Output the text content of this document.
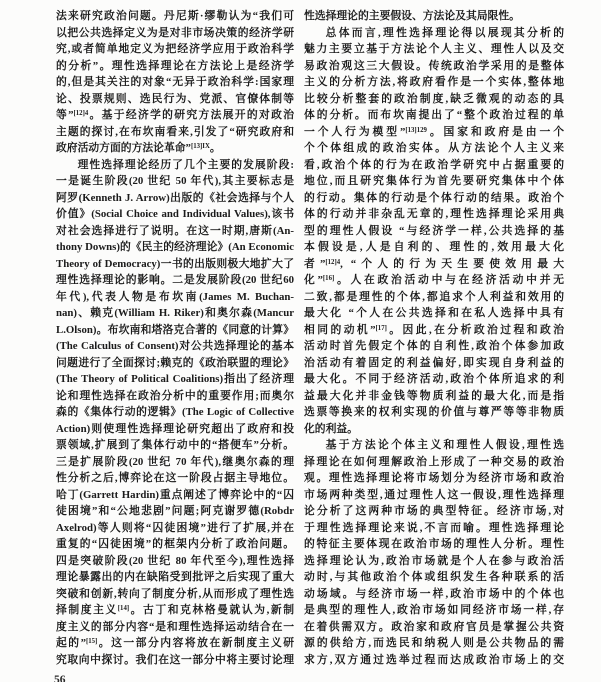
法来研究政治问题。丹尼斯·缪勒认为“我们可
以把公共选择定义为是对非市场决策的经济学研
究,或者简单地定义为把经济学应用于政治科学
的分析”。理性选择理论在方法论上是经济学
的,但是其关注的对象“无异于政治科学:国家理
论、投票规则、选民行为、党派、官僚体制等
等”$^{[12]4}$。基于经济学的研究方法展开的对政治
主题的探讨,在布坎南看来,引发了“研究政府和
政府活动方面的方法论革命”$^{[13]IX}$。
理性选择理论经历了几个主要的发展阶段:
一是诞生阶段(20 世纪 50 年代),其主要标志是
阿罗(Kenneth J. Arrow)出版的《社会选择与个人
价值》(Social Choice and Individual Values),该书
对社会选择进行了说明。在这一时期,唐斯(An-
thony Downs)的《民主的经济理论》(An Economic
Theory of Democracy)一书的出版则极大地扩大了
理性选择理论的影响。二是发展阶段(20 世纪60
年代),代表人物是布坎南(James M. Buchan-
nan)、赖克(William H. Riker)和奥尔森(Mancur
L.Olson)。布坎南和塔洛克合著的《同意的计算》
(The Calculus of Consent)对公共选择理论的基本
问题进行了全面探讨;赖克的《政治联盟的理论》
(The Theory of Political Coalitions)指出了经济理
论和理性选择在政治分析中的重要作用;而奥尔
森的《集体行动的逻辑》(The Logic of Collective
Action)则使理性选择理论研究超出了政府和投
票领域,扩展到了集体行动中的“搭便车”分析。
三是扩展阶段(20 世纪 70 年代),继奥尔森的理
性分析之后,博弈论在这一阶段占据主导地位。
哈丁(Garrett Hardin)重点阐述了博弈论中的“囚
徒困境”和“公地悲剧”问题;阿克谢罗德(Robdr
Axelrod)等人则将“囚徒困境”进行了扩展,并在
重复的“囚徒困境”的框架内分析了政治问题。
四是突破阶段(20 世纪 80 年代至今),理性选择
理论暴露出的内在缺陷受到批评之后实现了重大
突破和创新,转向了制度分析,从而形成了理性选
择制度主义[14]。古丁和克林格曼就认为,新制
度主义的部分内容“是和理性选择运动结合在一
起的”[15]。这一部分内容将放在新制度主义研
究取向中探讨。我们在这一部分中将主要讨论理
性选择理论的主要假设、方法论及其局限性。
总体而言,理性选择理论得以展现其分析的
魅力主要立基于方法论个人主义、理性人以及交
易政治观这三大假设。传统政治学采用的是整体
主义的分析方法,将政府看作是一个实体,整体地
比较分析整套的政治制度,缺乏微观的动态的具
体的分析。而布坎南提出了“整个政治过程的单
一个人行为模型”$^{[13]129}$。国家和政府是由一个
个个体组成的政治实体。从方法论个人主义来
看,政治个体的行为在政治学研究中占据重要的
地位,而且研究集体行为首先要研究集体中个体
的行动。集体的行动是个体行动的结果。政治个
体的行动并非杂乱无章的,理性选择理论采用典
型的理性人假设 “与经济学一样,公共选择的基
本假设是,人是自利的、理性的,效用最大化
者”$^{[12]4}$, “个人的行为天生要使效用最大
化”[16]。人在政治活动中与在经济活动中并无
二致,都是理性的个体,都追求个人利益和效用的
最大化 “个人在公共选择和在私人选择中具有
相同的动机”[17]。因此,在分析政治过程和政治
活动时首先假定个体的自利性,政治个体参加政
治活动有着固定的利益偏好,即实现自身利益的
最大化。不同于经济活动,政治个体所追求的利
益最大化并非金钱等物质利益的最大化,而是指
选票等换来的权利实现的价值与尊严等等非物质
化的利益。
基于方法论个体主义和理性人假设,理性选
择理论在如何理解政治上形成了一种交易的政治
观。理性选择理论将市场划分为经济市场和政治
市场两种类型,通过理性人这一假设,理性选择理
论分析了这两种市场的典型特征。经济市场,对
于理性选择理论来说,不言而喻。理性选择理论
的特征主要体现在政治市场的理性人分析。理性
选择理论认为,政治市场就是个人在参与政治活
动时,与其他政治个体或组织发生各种联系的活
动场域。与经济市场一样,政治市场中的个体也
是典型的理性人,政治市场如同经济市场一样,存
在着供需双方。政治家和政府官员是掌握公共资
源的供给方,而选民和纳税人则是公共物品的需
求方,双方通过选举过程而达成政治市场上的交
56
